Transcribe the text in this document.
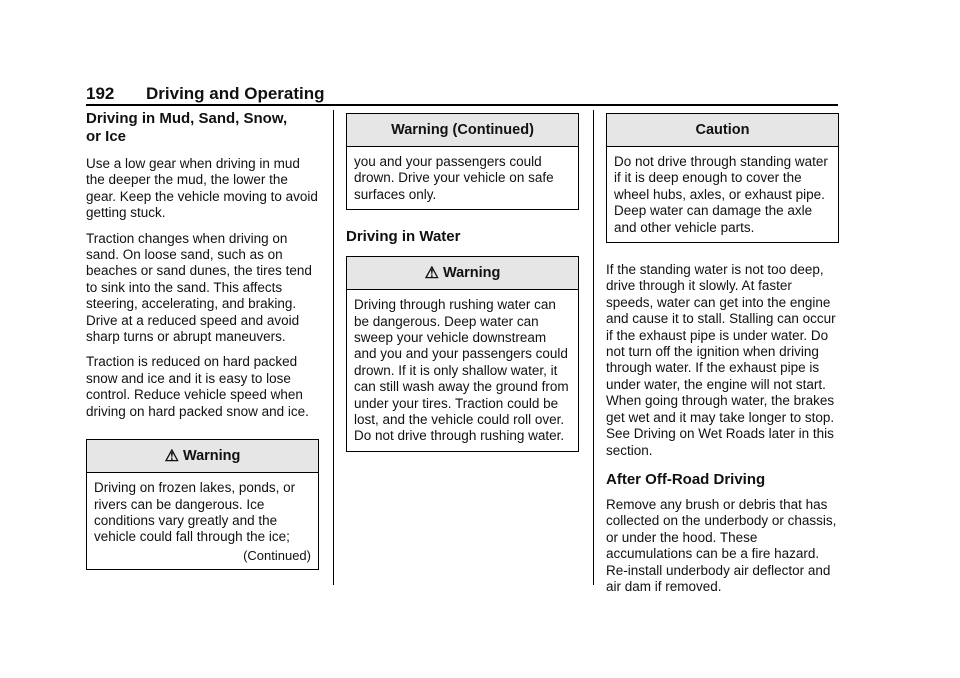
192 Driving and Operating
Driving in Mud, Sand, Snow,
or Ice

Use a low gear when driving in mud the deeper the mud, the lower the gear. Keep the vehicle moving to avoid getting stuck.

Traction changes when driving on sand. On loose sand, such as on beaches or sand dunes, the tires tend to sink into the sand. This affects steering, accelerating, and braking. Drive at a reduced speed and avoid sharp turns or abrupt maneuvers.

Traction is reduced on hard packed snow and ice and it is easy to lose control. Reduce vehicle speed when driving on hard packed snow and ice.

⚠ Warning

Driving on frozen lakes, ponds, or rivers can be dangerous. Ice conditions vary greatly and the vehicle could fall through the ice;

(Continued)
Warning (Continued)

you and your passengers could drown. Drive your vehicle on safe surfaces only.

Driving in Water
⚠ Warning

Driving through rushing water can be dangerous. Deep water can sweep your vehicle downstream and you and your passengers could drown. If it is only shallow water, it can still wash away the ground from under your tires. Traction could be lost, and the vehicle could roll over. Do not drive through rushing water.

Caution

Do not drive through standing water if it is deep enough to cover the wheel hubs, axles, or exhaust pipe. Deep water can damage the axle and other vehicle parts.

If the standing water is not too deep, drive through it slowly. At faster speeds, water can get into the engine and cause it to stall. Stalling can occur if the exhaust pipe is under water. Do not turn off the ignition when driving through water. If the exhaust pipe is under water, the engine will not start. When going through water, the brakes get wet and it may take longer to stop. See Driving on Wet Roads later in this section.

After Off-Road Driving

Remove any brush or debris that has collected on the underbody or chassis, or under the hood. These accumulations can be a fire hazard. Re-install underbody air deflector and air dam if removed.
